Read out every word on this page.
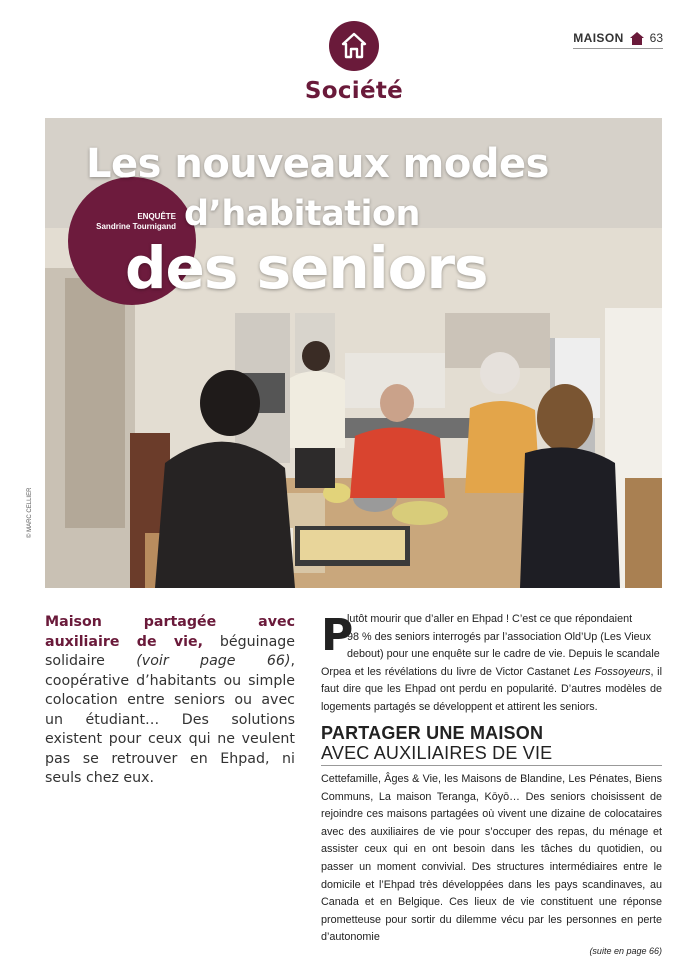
Société
MAISON 63
ENQUÊTE
Sandrine Tournigand
Les nouveaux modes
d’habitation
des seniors
© MARC CELLIER

Maison partagée avec auxiliaire de vie, béguinage solidaire (voir page 66), coopérative d’habitants ou simple colocation entre seniors ou avec un étudiant… Des solutions existent pour ceux qui ne veulent pas se retrouver en Ehpad, ni seuls chez eux.

P

lutôt mourir que d’aller en Ehpad ! C’est ce que répondaient
98 % des seniors interrogés par l’association Old’Up (Les Vieux
debout) pour une enquête sur le cadre de vie. Depuis le scandale
Orpea et les révélations du livre de Victor Castanet Les Fossoyeurs, il faut dire que les Ehpad ont perdu en popularité. D’autres modèles de logements partagés se développent et attirent les seniors.

PARTAGER UNE MAISON
AVEC AUXILIAIRES DE VIE

Cettefamille, Âges & Vie, les Maisons de Blandine, Les Pénates, Biens Communs, La maison Teranga, Kōyō… Des seniors choisissent de rejoindre ces maisons partagées où vivent une dizaine de colocataires avec des auxiliaires de vie pour s’occuper des repas, du ménage et assister ceux qui en ont besoin dans les tâches du quotidien, ou passer un moment convivial. Des structures intermédiaires entre le domicile et l’Ehpad très développées dans les pays scandinaves, au Canada et en Belgique. Ces lieux de vie constituent une réponse prometteuse pour sortir du dilemme vécu par les personnes en perte d’autonomie

(suite en page 66)
